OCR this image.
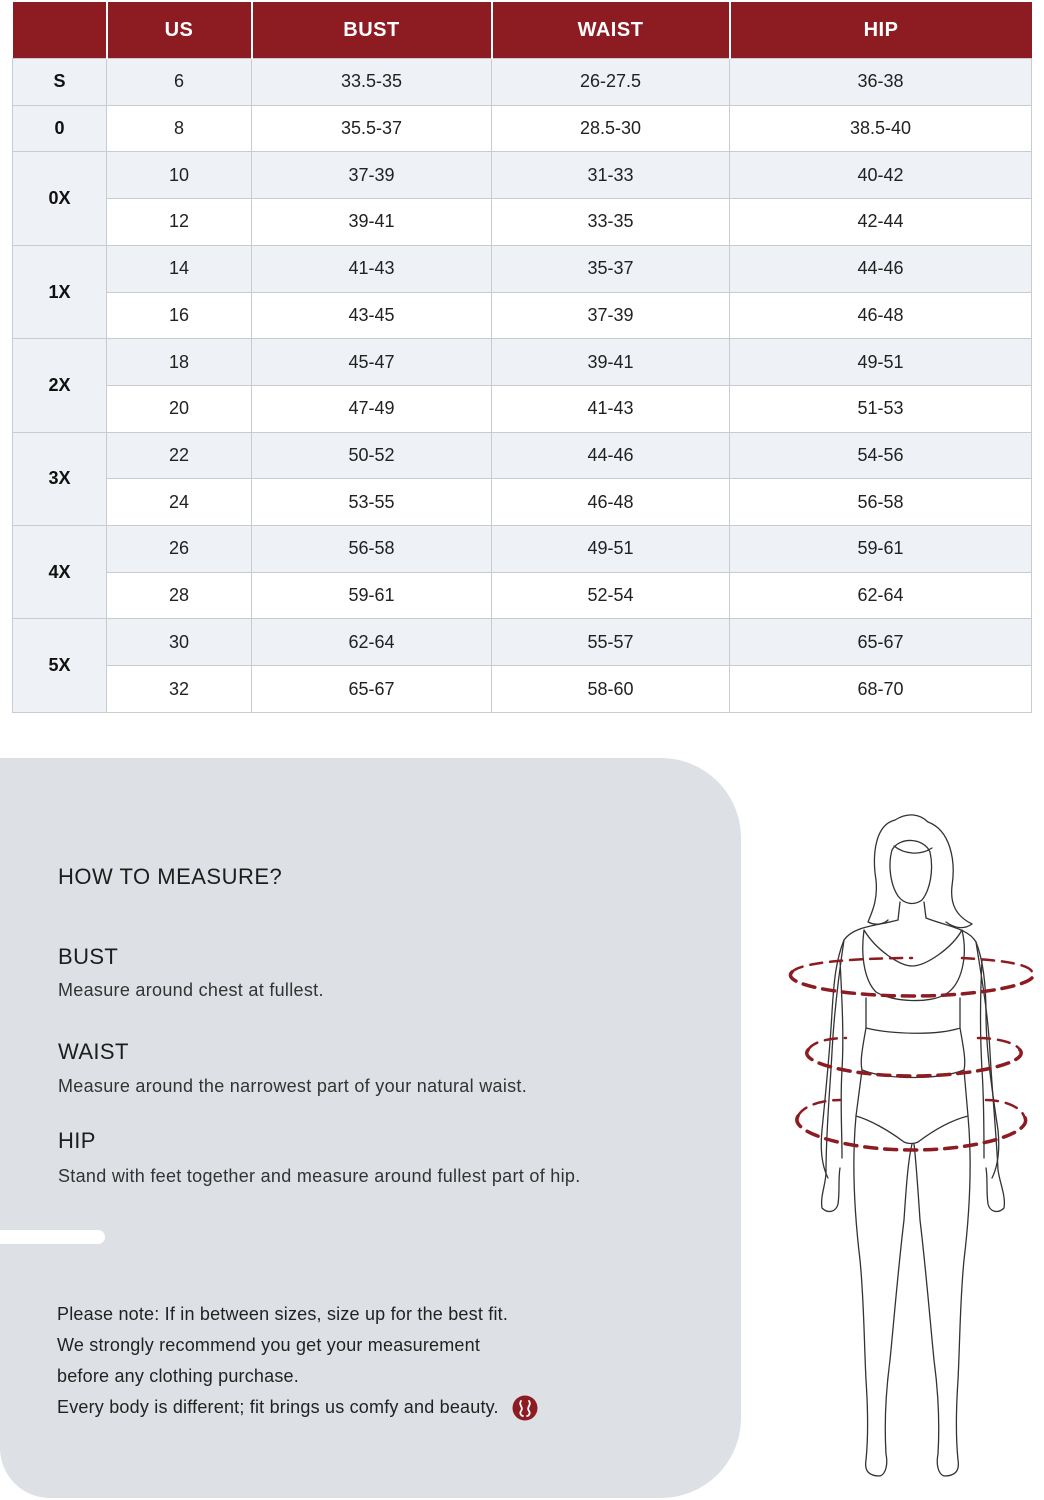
	US	BUST	WAIST	HIP
S	6	33.5-35	26-27.5	36-38
0	8	35.5-37	28.5-30	38.5-40
0X	10	37-39	31-33	40-42
	12	39-41	33-35	42-44
1X	14	41-43	35-37	44-46
	16	43-45	37-39	46-48
2X	18	45-47	39-41	49-51
	20	47-49	41-43	51-53
3X	22	50-52	44-46	54-56
	24	53-55	46-48	56-58
4X	26	56-58	49-51	59-61
	28	59-61	52-54	62-64
5X	30	62-64	55-57	65-67
	32	65-67	58-60	68-70
HOW TO MEASURE?
BUST
Measure around chest at fullest.
WAIST
Measure around the narrowest part of your natural waist.
HIP
Stand with feet together and measure around fullest part of hip.
Please note: If in between sizes, size up for the best fit.
We strongly recommend you get your measurement
before any clothing purchase.
Every body is different; fit brings us comfy and beauty.
